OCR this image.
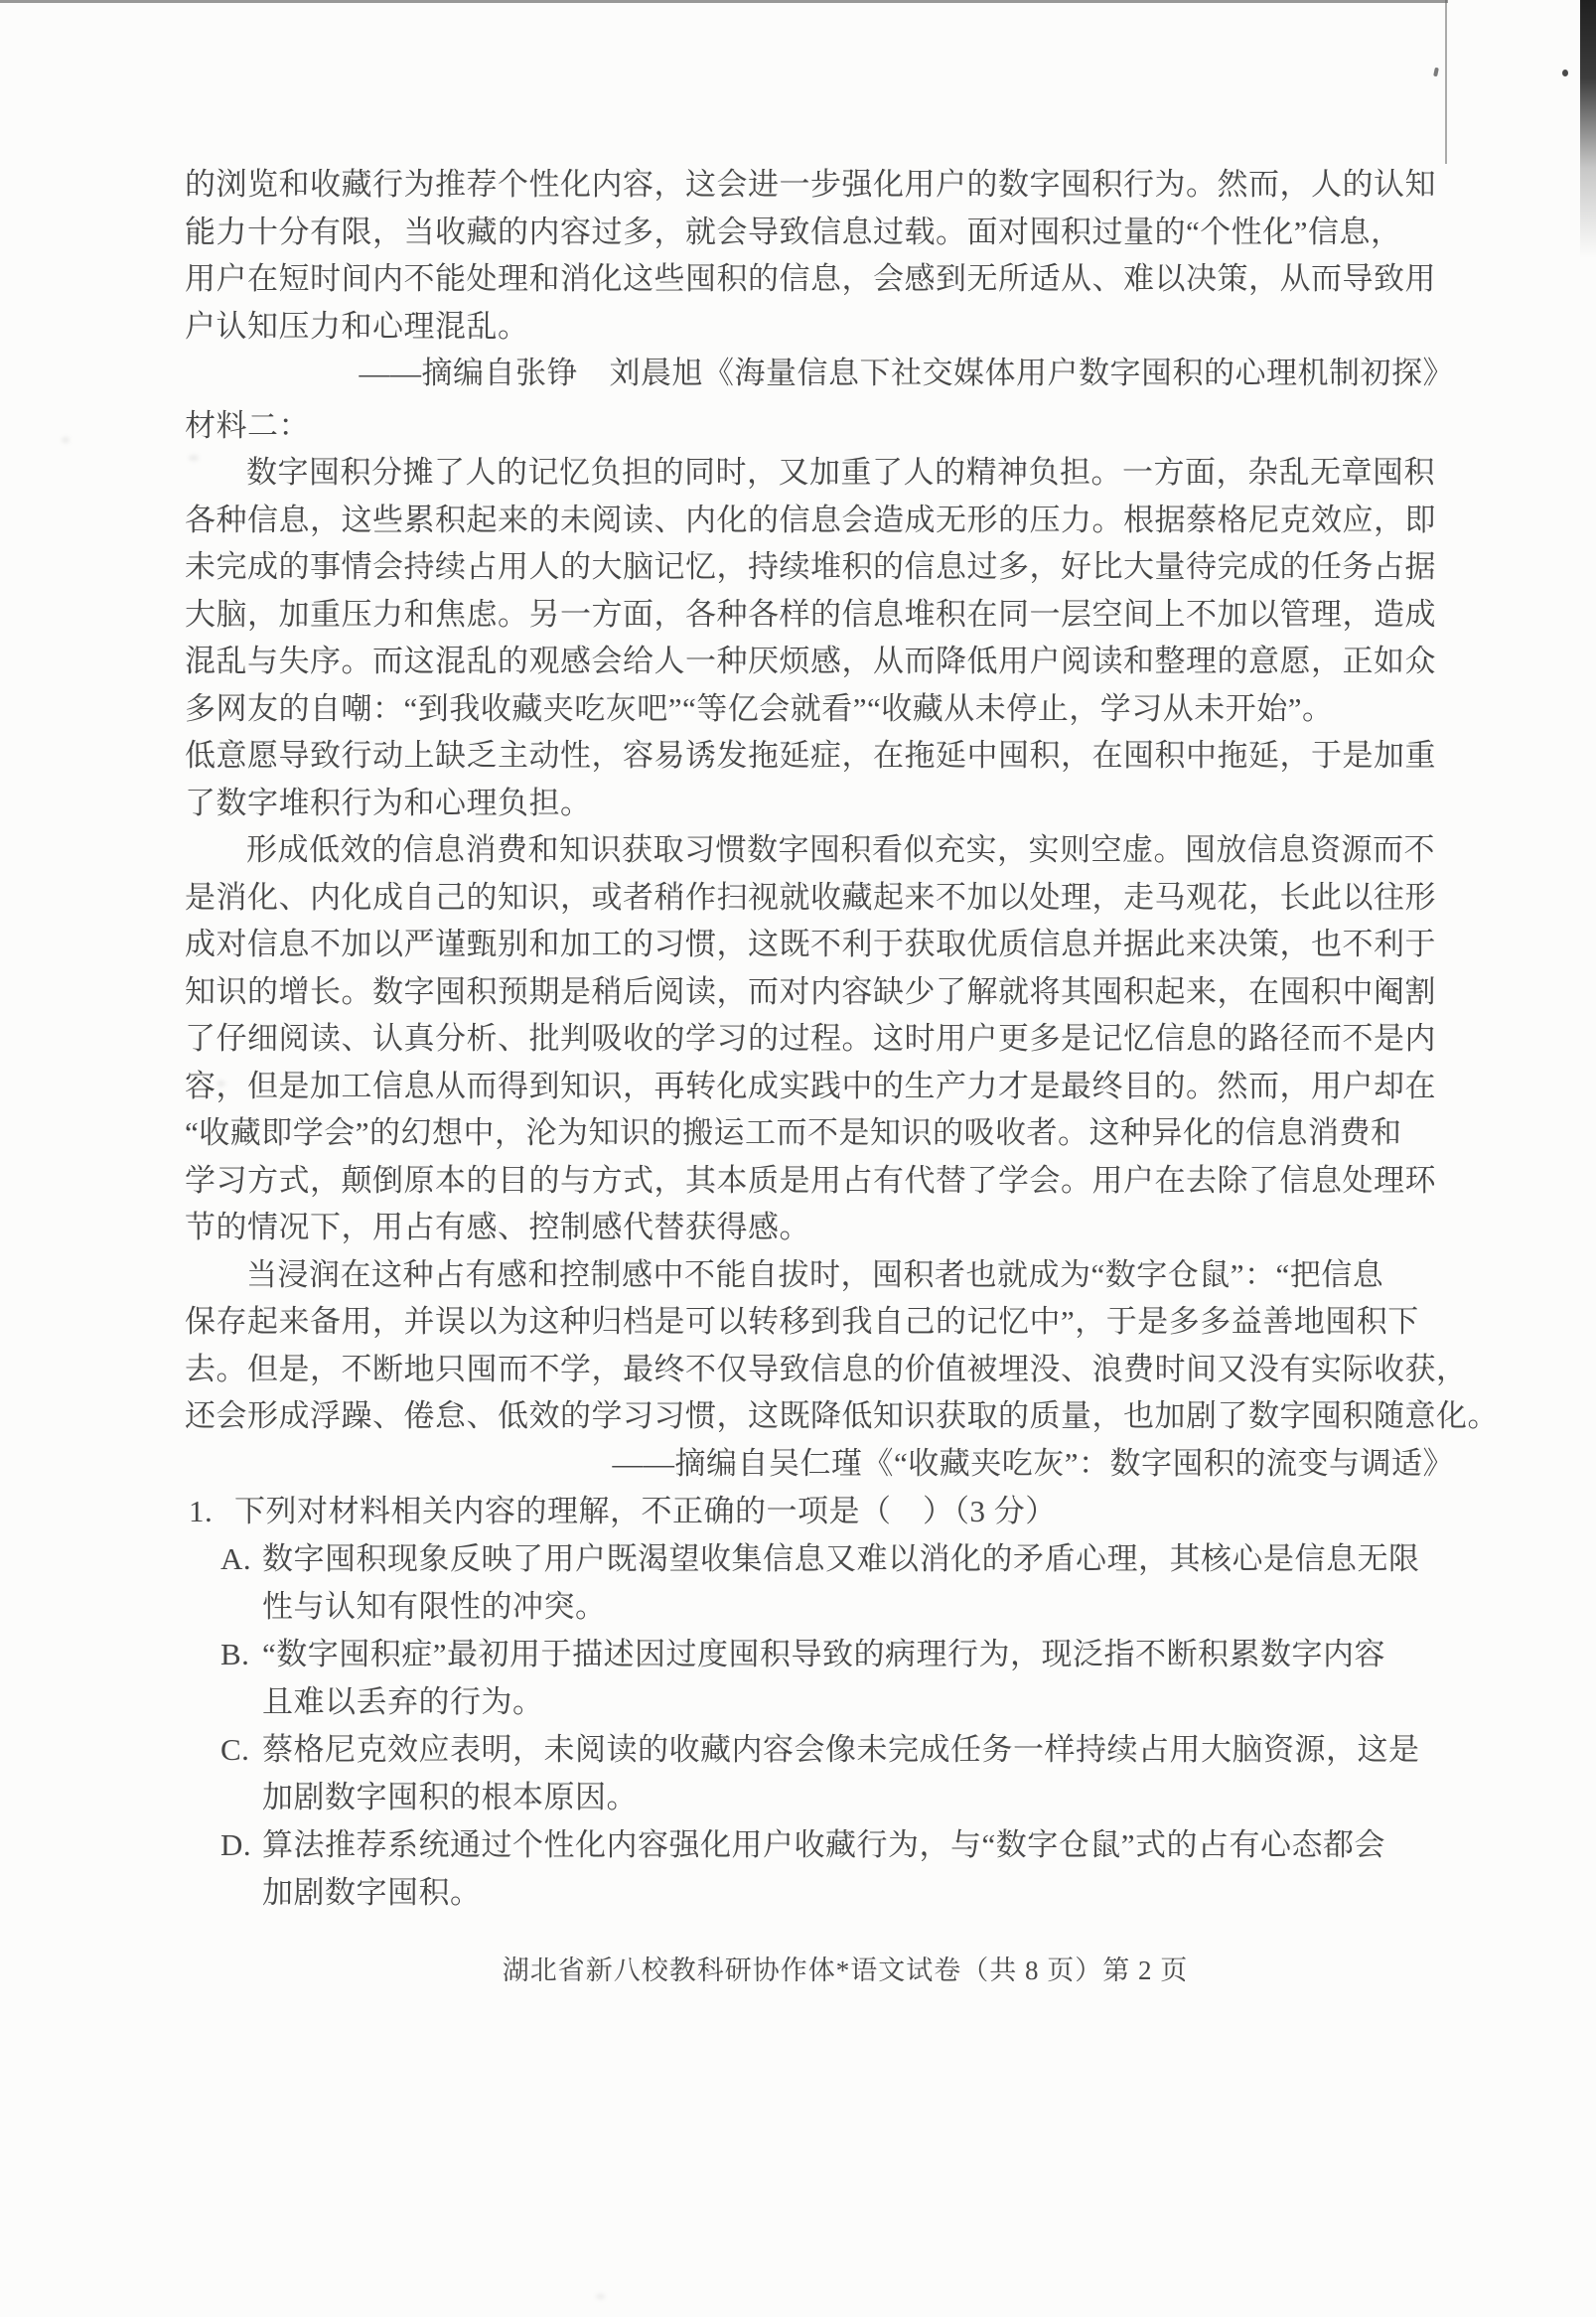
的浏览和收藏行为推荐个性化内容，这会进一步强化用户的数字囤积行为。然而，人的认知
能力十分有限，当收藏的内容过多，就会导致信息过载。面对囤积过量的“个性化”信息，
用户在短时间内不能处理和消化这些囤积的信息，会感到无所适从、难以决策，从而导致用
户认知压力和心理混乱。
——摘编自张铮　刘晨旭《海量信息下社交媒体用户数字囤积的心理机制初探》
材料二：
数字囤积分摊了人的记忆负担的同时，又加重了人的精神负担。一方面，杂乱无章囤积
各种信息，这些累积起来的未阅读、内化的信息会造成无形的压力。根据蔡格尼克效应，即
未完成的事情会持续占用人的大脑记忆，持续堆积的信息过多，好比大量待完成的任务占据
大脑，加重压力和焦虑。另一方面，各种各样的信息堆积在同一层空间上不加以管理，造成
混乱与失序。而这混乱的观感会给人一种厌烦感，从而降低用户阅读和整理的意愿，正如众
多网友的自嘲：“到我收藏夹吃灰吧”“等亿会就看”“收藏从未停止，学习从未开始”。
低意愿导致行动上缺乏主动性，容易诱发拖延症，在拖延中囤积，在囤积中拖延，于是加重
了数字堆积行为和心理负担。
形成低效的信息消费和知识获取习惯数字囤积看似充实，实则空虚。囤放信息资源而不
是消化、内化成自己的知识，或者稍作扫视就收藏起来不加以处理，走马观花，长此以往形
成对信息不加以严谨甄别和加工的习惯，这既不利于获取优质信息并据此来决策，也不利于
知识的增长。数字囤积预期是稍后阅读，而对内容缺少了解就将其囤积起来，在囤积中阉割
了仔细阅读、认真分析、批判吸收的学习的过程。这时用户更多是记忆信息的路径而不是内
容，但是加工信息从而得到知识，再转化成实践中的生产力才是最终目的。然而，用户却在
“收藏即学会”的幻想中，沦为知识的搬运工而不是知识的吸收者。这种异化的信息消费和
学习方式，颠倒原本的目的与方式，其本质是用占有代替了学会。用户在去除了信息处理环
节的情况下，用占有感、控制感代替获得感。
当浸润在这种占有感和控制感中不能自拔时，囤积者也就成为“数字仓鼠”：“把信息
保存起来备用，并误以为这种归档是可以转移到我自己的记忆中”，于是多多益善地囤积下
去。但是，不断地只囤而不学，最终不仅导致信息的价值被埋没、浪费时间又没有实际收获，
还会形成浮躁、倦怠、低效的学习习惯，这既降低知识获取的质量，也加剧了数字囤积随意化。
——摘编自吴仁瑾《“收藏夹吃灰”：数字囤积的流变与调适》
1. 下列对材料相关内容的理解，不正确的一项是（　）（3 分）
A. 数字囤积现象反映了用户既渴望收集信息又难以消化的矛盾心理，其核心是信息无限
性与认知有限性的冲突。
B. “数字囤积症”最初用于描述因过度囤积导致的病理行为，现泛指不断积累数字内容
且难以丢弃的行为。
C. 蔡格尼克效应表明，未阅读的收藏内容会像未完成任务一样持续占用大脑资源，这是
加剧数字囤积的根本原因。
D. 算法推荐系统通过个性化内容强化用户收藏行为，与“数字仓鼠”式的占有心态都会
加剧数字囤积。
湖北省新八校教科研协作体*语文试卷（共 8 页）第 2 页
